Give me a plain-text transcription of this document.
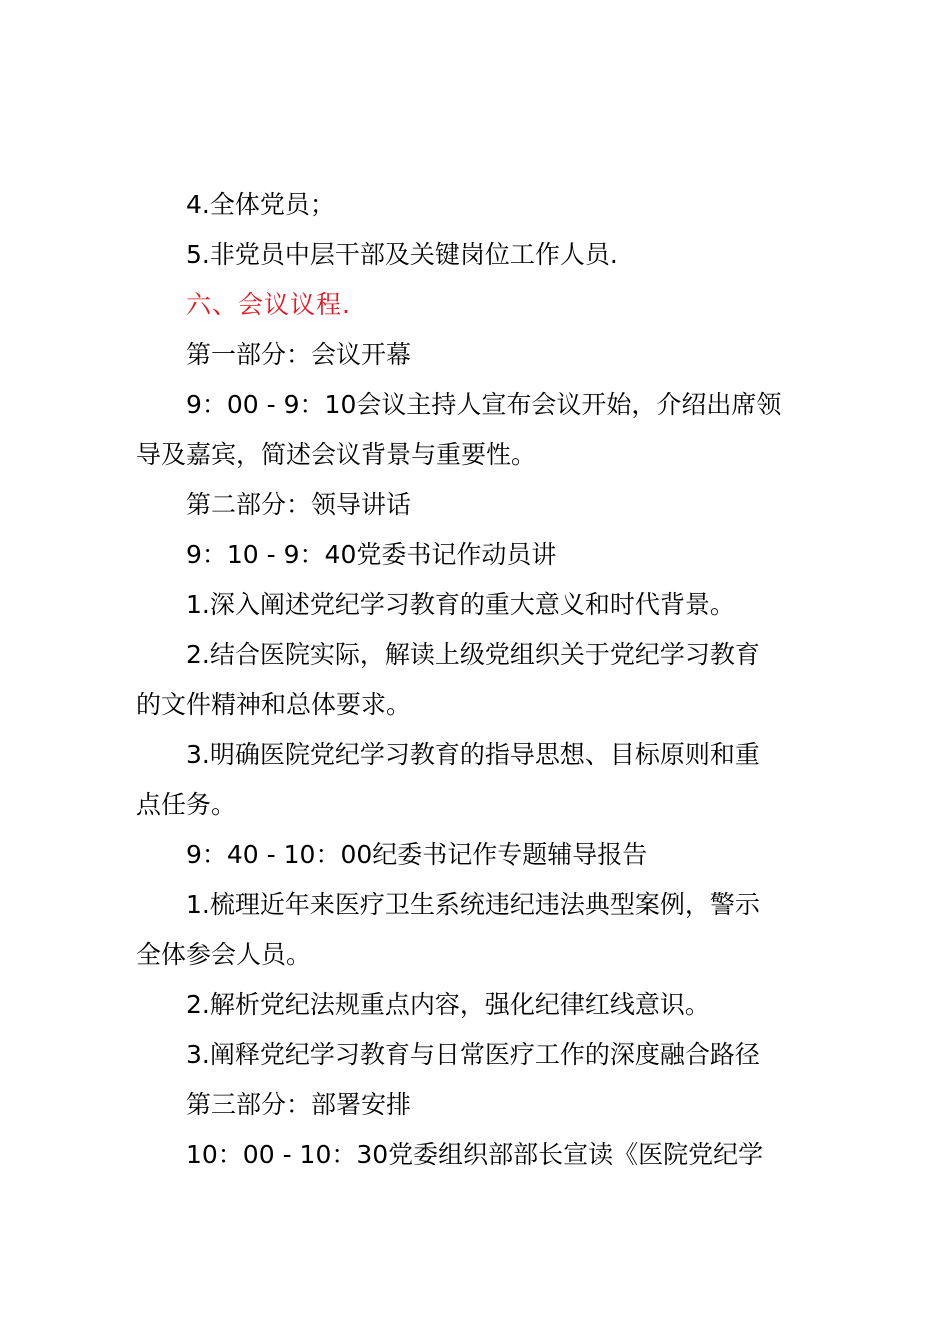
4.全体党员；
5.非党员中层干部及关键岗位工作人员.
六、会议议程.
第一部分：会议开幕
9：00 - 9：10会议主持人宣布会议开始，介绍出席领
导及嘉宾，简述会议背景与重要性。
第二部分：领导讲话
9：10 - 9：40党委书记作动员讲
1.深入阐述党纪学习教育的重大意义和时代背景。
2.结合医院实际，解读上级党组织关于党纪学习教育
的文件精神和总体要求。
3.明确医院党纪学习教育的指导思想、目标原则和重
点任务。
9：40 - 10：00纪委书记作专题辅导报告
1.梳理近年来医疗卫生系统违纪违法典型案例，警示
全体参会人员。
2.解析党纪法规重点内容，强化纪律红线意识。
3.阐释党纪学习教育与日常医疗工作的深度融合路径
第三部分：部署安排
10：00 - 10：30党委组织部部长宣读《医院党纪学
